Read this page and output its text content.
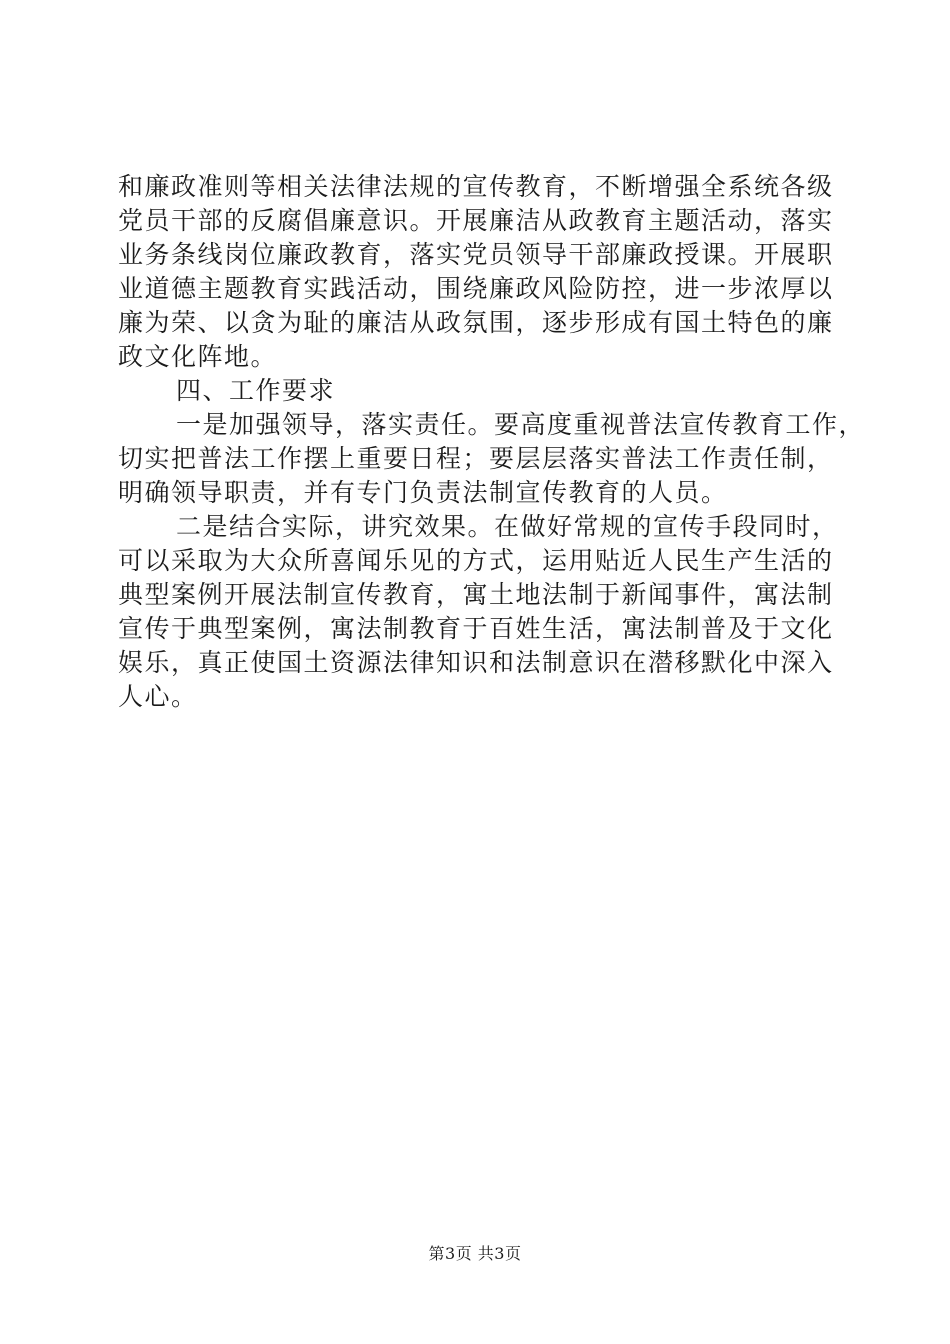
和廉政准则等相关法律法规的宣传教育，不断增强全系统各级
党员干部的反腐倡廉意识。开展廉洁从政教育主题活动，落实
业务条线岗位廉政教育，落实党员领导干部廉政授课。开展职
业道德主题教育实践活动，围绕廉政风险防控，进一步浓厚以
廉为荣、以贪为耻的廉洁从政氛围，逐步形成有国土特色的廉
政文化阵地。
四、工作要求
一是加强领导，落实责任。要高度重视普法宣传教育工作，
切实把普法工作摆上重要日程；要层层落实普法工作责任制，
明确领导职责，并有专门负责法制宣传教育的人员。
二是结合实际，讲究效果。在做好常规的宣传手段同时，
可以采取为大众所喜闻乐见的方式，运用贴近人民生产生活的
典型案例开展法制宣传教育，寓土地法制于新闻事件，寓法制
宣传于典型案例，寓法制教育于百姓生活，寓法制普及于文化
娱乐，真正使国土资源法律知识和法制意识在潜移默化中深入
人心。
第3页 共3页
